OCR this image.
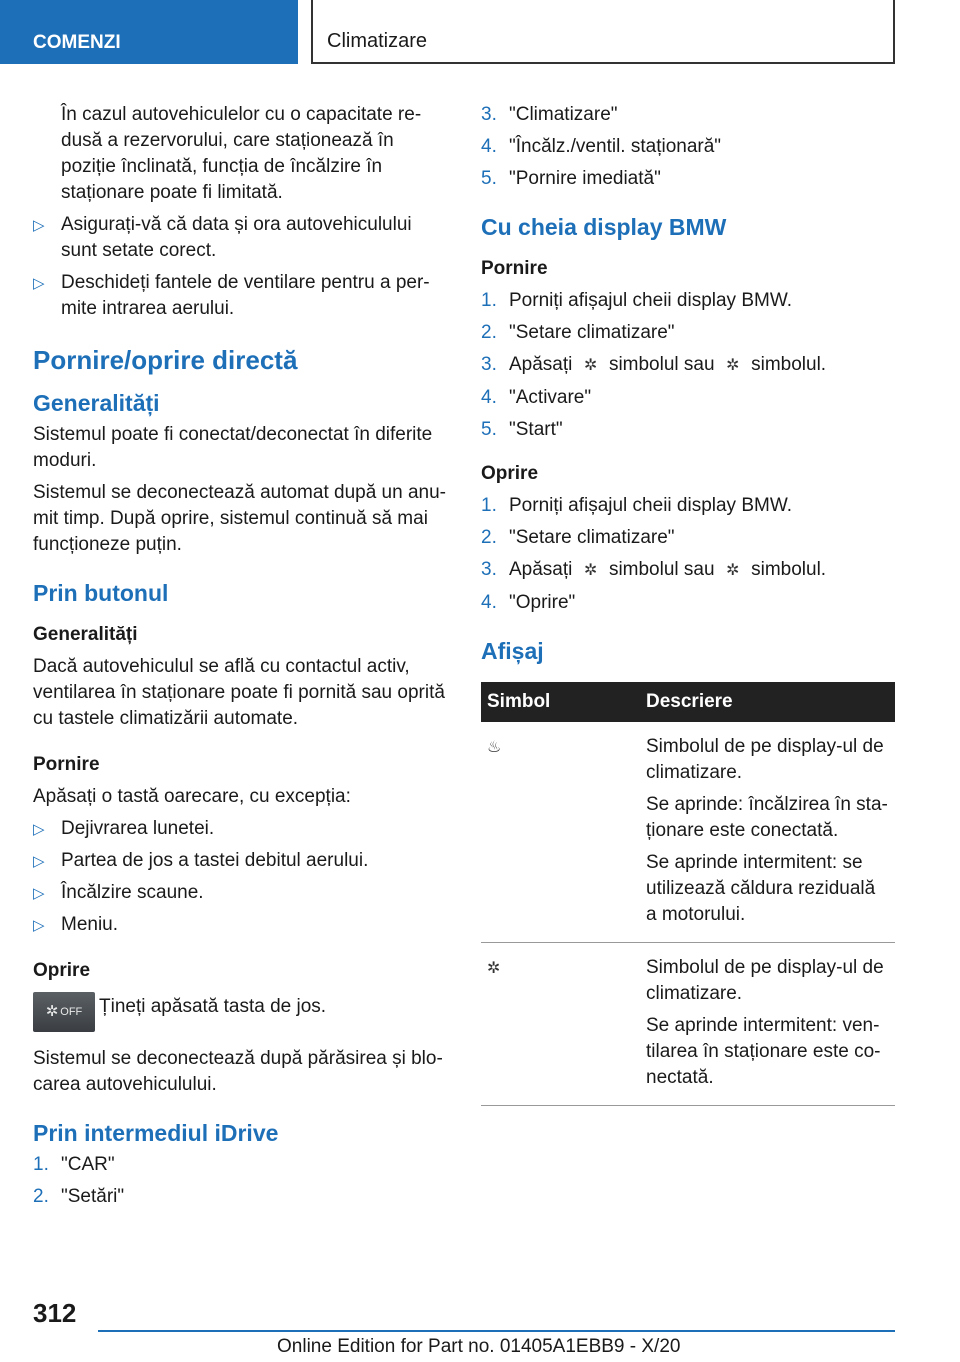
COMENZI	Climatizare

În cazul autovehiculelor cu o capacitate re-dusă a rezervorului, care staționează în poziție înclinată, funcția de încălzire în staționare poate fi limitată.

▷ Asigurați-vă că data și ora autovehiculului sunt setate corect.
▷ Deschideți fantele de ventilare pentru a per-mite intrarea aerului.
Pornire/oprire directă
Generalități

Sistemul poate fi conectat/deconectat în diferite moduri.

Sistemul se deconectează automat după un anu-mit timp. După oprire, sistemul continuă să mai funcționeze puțin.

Prin butonul
Generalități

Dacă autovehiculul se află cu contactul activ, ventilarea în staționare poate fi pornită sau oprită cu tastele climatizării automate.

Pornire

Apăsați o tastă oarecare, cu excepția:

▷ Dejivrarea lunetei.
▷ Partea de jos a tastei debitul aerului.
▷ Încălzire scaune.
▷ Meniu.
Oprire
✲ OFF Țineți apăsată tasta de jos.

Sistemul se deconectează după părăsirea și blo-carea autovehiculului.

Prin intermediul iDrive
1. "CAR"
2. "Setări"
3. "Climatizare"
4. "Încălz./ventil. staționară"
5. "Pornire imediată"
Cu cheia display BMW
Pornire
1. Porniți afișajul cheii display BMW.
2. "Setare climatizare"
3. Apăsați ✲ simbolul sau ✲ simbolul.
4. "Activare"
5. "Start"
Oprire
1. Porniți afișajul cheii display BMW.
2. "Setare climatizare"
3. Apăsați ✲ simbolul sau ✲ simbolul.
4. "Oprire"
Afișaj
Simbol	Descriere
♨	Simbolul de pe display-ul de climatizare.

Se aprinde: încălzirea în sta-ționare este conectată.

Se aprinde intermitent: se utilizează căldura reziduală a motorului.

✲	Simbolul de pe display-ul de climatizare.

Se aprinde intermitent: ven-tilarea în staționare este co-nectată.

312
Online Edition for Part no. 01405A1EBB9 - X/20
